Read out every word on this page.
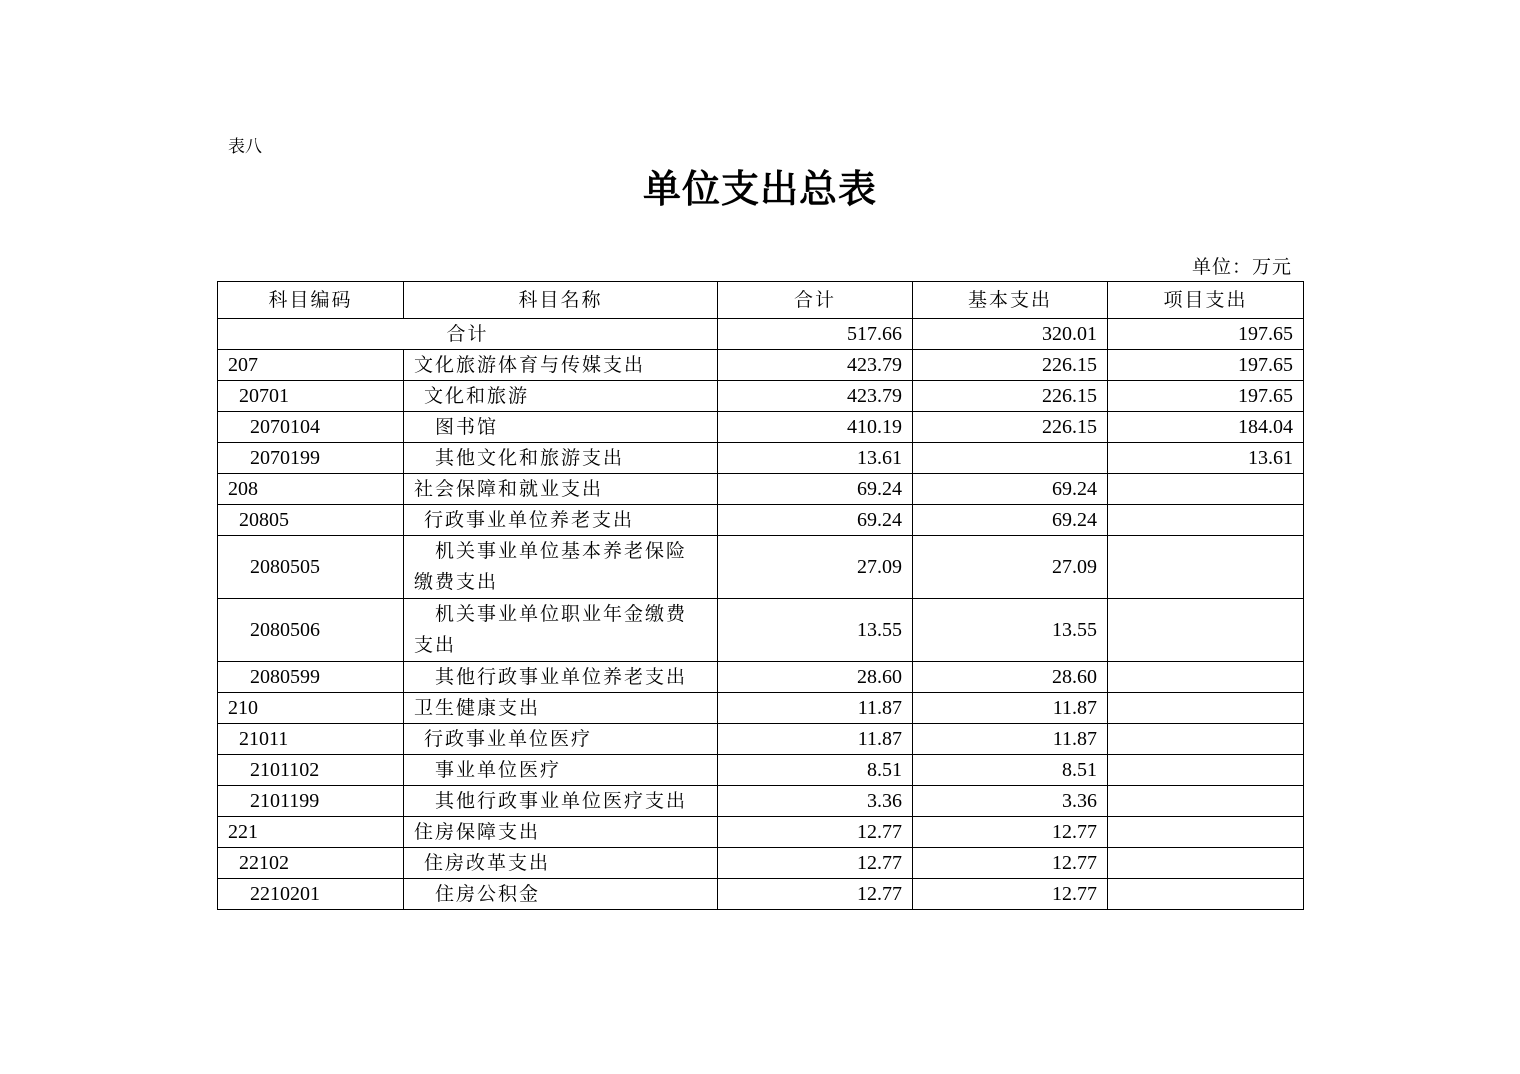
表八
单位支出总表
单位：万元
科目编码	科目名称	合计	基本支出	项目支出
合计		517.66	320.01	197.65
207	文化旅游体育与传媒支出	423.79	226.15	197.65
20701	文化和旅游	423.79	226.15	197.65
2070104	图书馆	410.19	226.15	184.04
2070199	其他文化和旅游支出	13.61		13.61
208	社会保障和就业支出	69.24	69.24	
20805	行政事业单位养老支出	69.24	69.24	
2080505	机关事业单位基本养老保险缴费支出	27.09	27.09	
2080506	机关事业单位职业年金缴费支出	13.55	13.55	
2080599	其他行政事业单位养老支出	28.60	28.60	
210	卫生健康支出	11.87	11.87	
21011	行政事业单位医疗	11.87	11.87	
2101102	事业单位医疗	8.51	8.51	
2101199	其他行政事业单位医疗支出	3.36	3.36	
221	住房保障支出	12.77	12.77	
22102	住房改革支出	12.77	12.77	
2210201	住房公积金	12.77	12.77	
